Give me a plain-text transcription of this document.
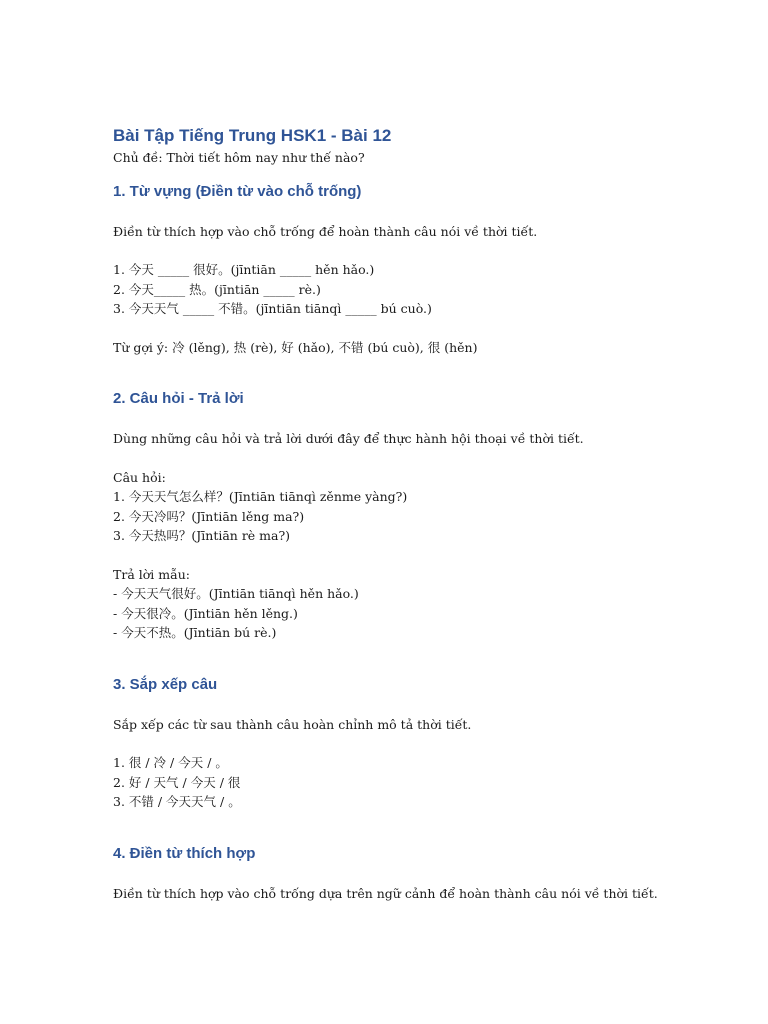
Bài Tập Tiếng Trung HSK1 - Bài 12

Chủ đề: Thời tiết hôm nay như thế nào?

1. Từ vựng (Điền từ vào chỗ trống)

Điền từ thích hợp vào chỗ trống để hoàn thành câu nói về thời tiết.

1. 今天 _____ 很好。(jīntiān _____ hěn hǎo.)

2. 今天_____ 热。(jīntiān _____ rè.)

3. 今天天气 _____ 不错。(jīntiān tiānqì _____ bú cuò.)

Từ gợi ý: 冷 (lěng), 热 (rè), 好 (hǎo), 不错 (bú cuò), 很 (hěn)

2. Câu hỏi - Trả lời

Dùng những câu hỏi và trả lời dưới đây để thực hành hội thoại về thời tiết.

Câu hỏi:

1. 今天天气怎么样？(Jīntiān tiānqì zěnme yàng?)

2. 今天冷吗？(Jīntiān lěng ma?)

3. 今天热吗？(Jīntiān rè ma?)

Trả lời mẫu:

- 今天天气很好。(Jīntiān tiānqì hěn hǎo.)

- 今天很冷。(Jīntiān hěn lěng.)

- 今天不热。(Jīntiān bú rè.)

3. Sắp xếp câu

Sắp xếp các từ sau thành câu hoàn chỉnh mô tả thời tiết.

1. 很 / 冷 / 今天 / 。

2. 好 / 天气 / 今天 / 很

3. 不错 / 今天天气 / 。

4. Điền từ thích hợp

Điền từ thích hợp vào chỗ trống dựa trên ngữ cảnh để hoàn thành câu nói về thời tiết.
